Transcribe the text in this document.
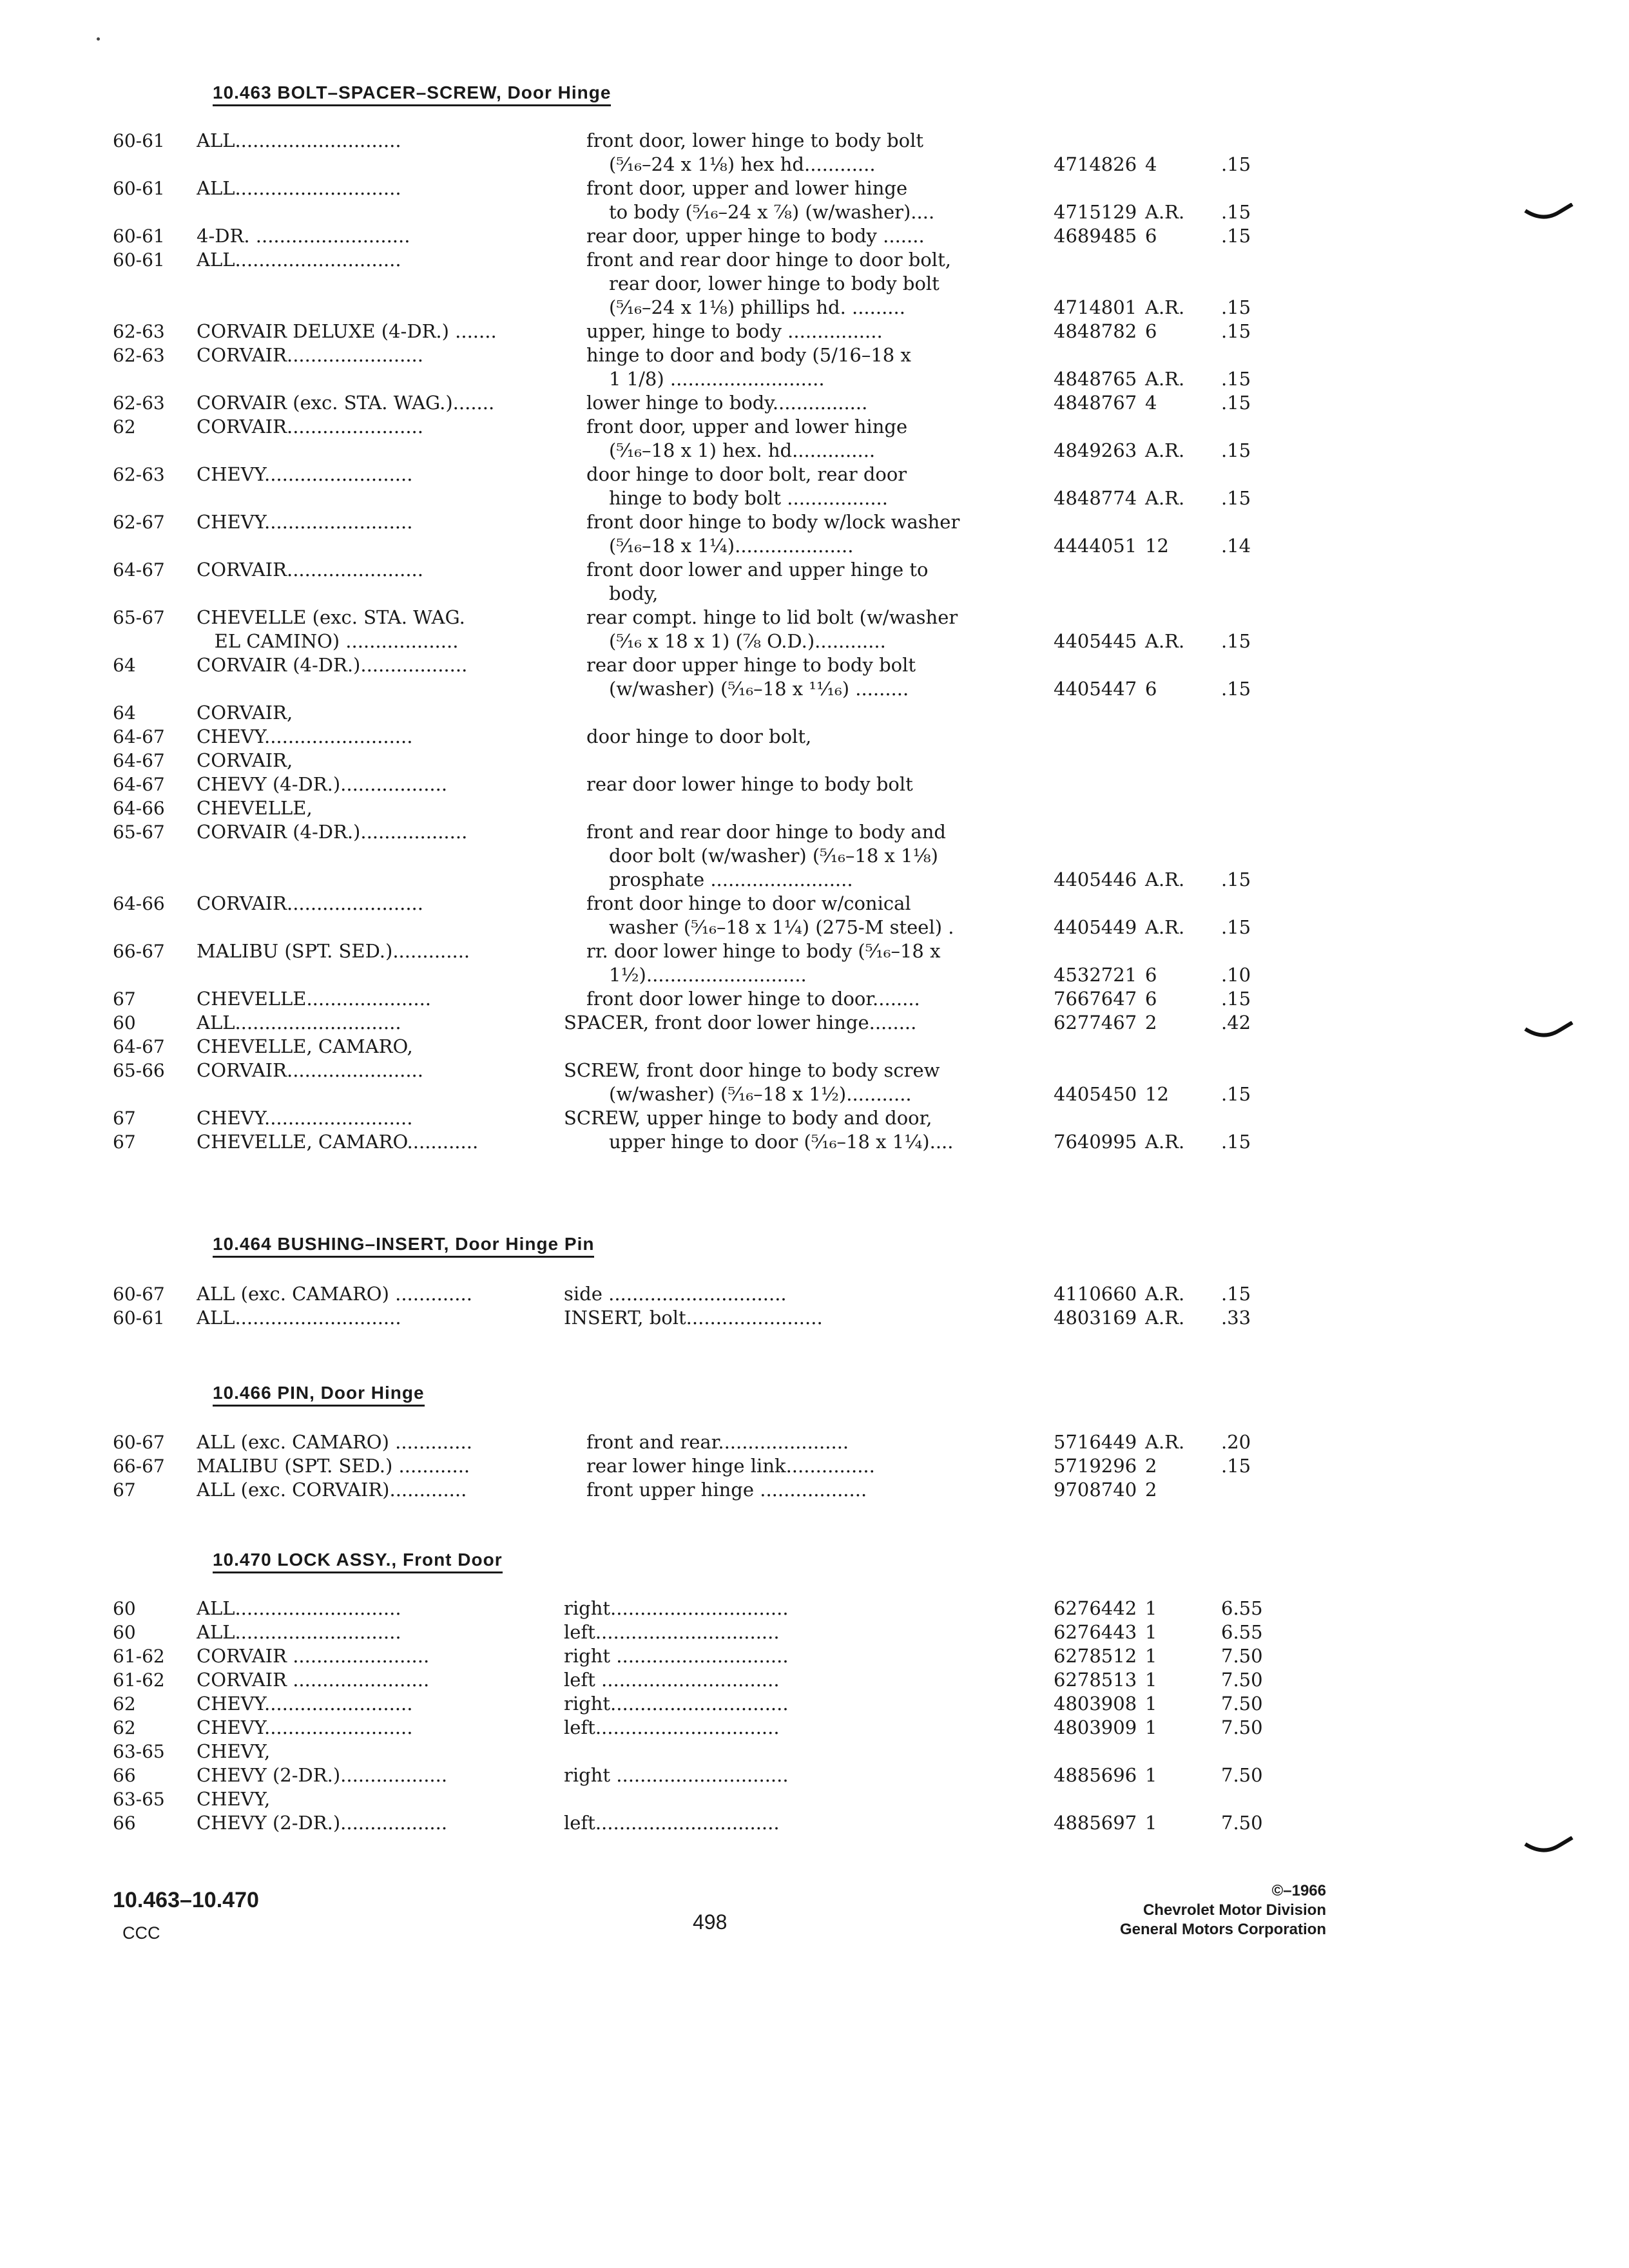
10.463 BOLT–SPACER–SCREW, Door Hinge
60-61	ALL............................	front door, lower hinge to body bolt
(⁵⁄₁₆–24 x 1⅛) hex hd............	4714826 4	.15
60-61	ALL............................	front door, upper and lower hinge
to body (⁵⁄₁₆–24 x ⅞) (w/washer)....	4715129 A.R.	.15
60-61	4-DR. ..........................	rear door, upper hinge to body .......	4689485 6	.15
60-61	ALL............................	front and rear door hinge to door bolt,
rear door, lower hinge to body bolt
(⁵⁄₁₆–24 x 1⅛) phillips hd. .........	4714801 A.R.	.15
62-63	CORVAIR DELUXE (4-DR.) .......	upper, hinge to body ................	4848782 6	.15
62-63	CORVAIR.......................	hinge to door and body (5/16–18 x
1 1/8) ..........................	4848765 A.R.	.15
62-63	CORVAIR (exc. STA. WAG.).......	lower hinge to body................	4848767 4	.15
62	CORVAIR.......................	front door, upper and lower hinge
(⁵⁄₁₆–18 x 1) hex. hd..............	4849263 A.R.	.15
62-63	CHEVY.........................	door hinge to door bolt, rear door
hinge to body bolt .................	4848774 A.R.	.15
62-67	CHEVY.........................	front door hinge to body w/lock washer
(⁵⁄₁₆–18 x 1¼)....................	4444051 12	.14
64-67	CORVAIR.......................	front door lower and upper hinge to
body,
65-67	CHEVELLE (exc. STA. WAG.	rear compt. hinge to lid bolt (w/washer
EL CAMINO) ...................	(⁵⁄₁₆ x 18 x 1) (⅞ O.D.)............	4405445 A.R.	.15
64	CORVAIR (4-DR.)..................	rear door upper hinge to body bolt
(w/washer) (⁵⁄₁₆–18 x ¹¹⁄₁₆) .........	4405447 6	.15
64	CORVAIR,
64-67	CHEVY.........................	door hinge to door bolt,
64-67	CORVAIR,
64-67	CHEVY (4-DR.)..................	rear door lower hinge to body bolt
64-66	CHEVELLE,
65-67	CORVAIR (4-DR.)..................	front and rear door hinge to body and
door bolt (w/washer) (⁵⁄₁₆–18 x 1⅛)
prosphate ........................	4405446 A.R.	.15
64-66	CORVAIR.......................	front door hinge to door w/conical
washer (⁵⁄₁₆–18 x 1¼) (275-M steel) .	4405449 A.R.	.15
66-67	MALIBU (SPT. SED.).............	rr. door lower hinge to body (⁵⁄₁₆–18 x
1½)...........................	4532721 6	.10
67	CHEVELLE.....................	front door lower hinge to door........	7667647 6	.15
60	ALL............................	SPACER, front door lower hinge........	6277467 2	.42
64-67	CHEVELLE, CAMARO,
65-66	CORVAIR.......................	SCREW, front door hinge to body screw
(w/washer) (⁵⁄₁₆–18 x 1½)...........	4405450 12	.15
67	CHEVY.........................	SCREW, upper hinge to body and door,
67	CHEVELLE, CAMARO............	upper hinge to door (⁵⁄₁₆–18 x 1¼)....	7640995 A.R.	.15
10.464 BUSHING–INSERT, Door Hinge Pin
60-67	ALL (exc. CAMARO) .............	side ..............................	4110660 A.R.	.15
60-61	ALL............................	INSERT, bolt.......................	4803169 A.R.	.33
10.466 PIN, Door Hinge
60-67	ALL (exc. CAMARO) .............	front and rear......................	5716449 A.R.	.20
66-67	MALIBU (SPT. SED.) ............	rear lower hinge link...............	5719296 2	.15
67	ALL (exc. CORVAIR).............	front upper hinge ..................	9708740 2
10.470 LOCK ASSY., Front Door
60	ALL............................	right..............................	6276442 1	6.55
60	ALL............................	left...............................	6276443 1	6.55
61-62	CORVAIR .......................	right .............................	6278512 1	7.50
61-62	CORVAIR .......................	left ..............................	6278513 1	7.50
62	CHEVY.........................	right..............................	4803908 1	7.50
62	CHEVY.........................	left...............................	4803909 1	7.50
63-65	CHEVY,
66	CHEVY (2-DR.)..................	right .............................	4885696 1	7.50
63-65	CHEVY,
66	CHEVY (2-DR.)..................	left...............................	4885697 1	7.50
10.463–10.470
CCC	498
©–1966
Chevrolet Motor Division
General Motors Corporation
